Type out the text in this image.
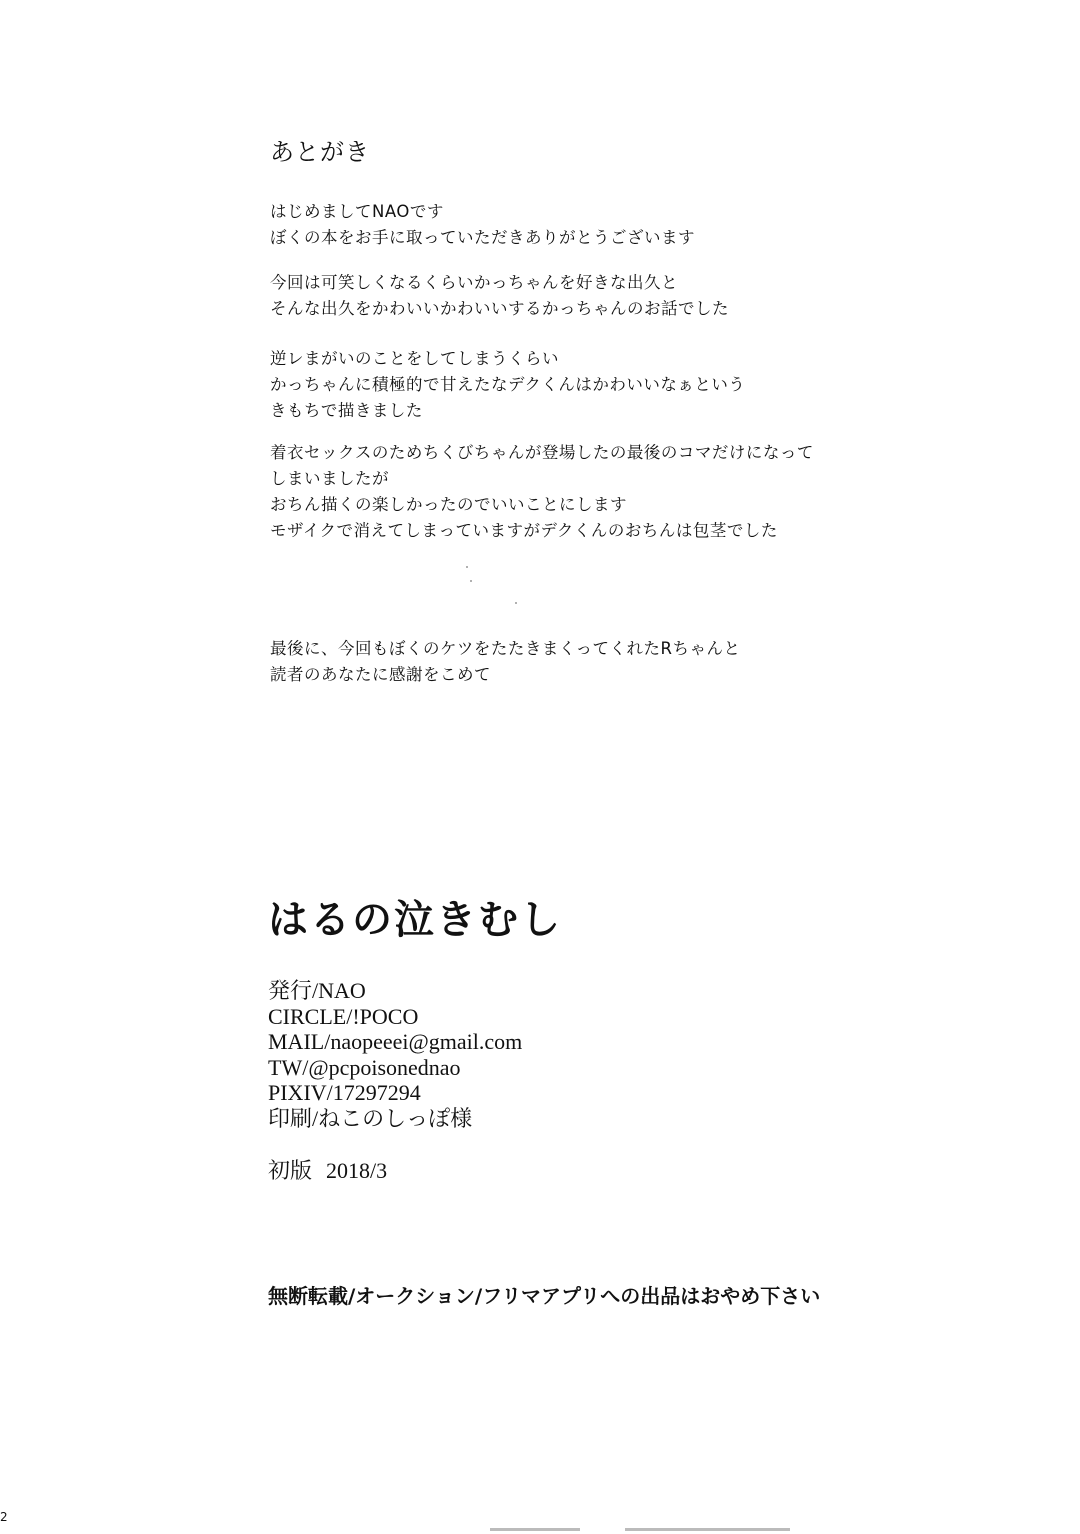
あとがき
はじめましてNAOです
ぼくの本をお手に取っていただきありがとうございます
今回は可笑しくなるくらいかっちゃんを好きな出久と
そんな出久をかわいいかわいいするかっちゃんのお話でした
逆レまがいのことをしてしまうくらい
かっちゃんに積極的で甘えたなデクくんはかわいいなぁという
きもちで描きました
着衣セックスのためちくびちゃんが登場したの最後のコマだけになって
しまいましたが
おちん描くの楽しかったのでいいことにします
モザイクで消えてしまっていますがデクくんのおちんは包茎でした
最後に、今回もぼくのケツをたたきまくってくれたRちゃんと
読者のあなたに感謝をこめて
はるの泣きむし
発行/NAO
CIRCLE/!POCO
MAIL/naopeeei@gmail.com
TW/@pcpoisonednao
PIXIV/17297294
印刷/ねこのしっぽ様
初版 2018/3
無断転載/オークション/フリマアプリへの出品はおやめ下さい
2
